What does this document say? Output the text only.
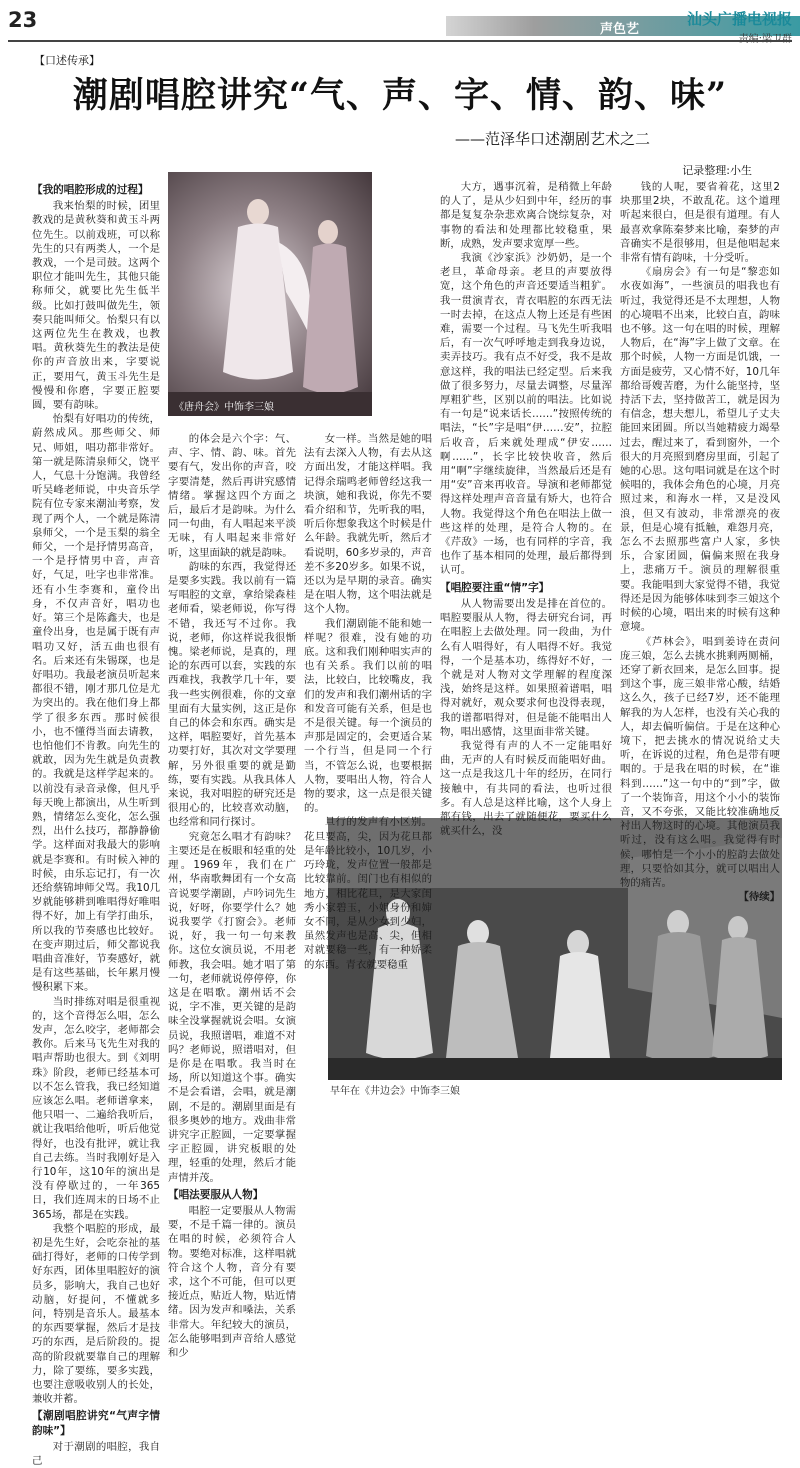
23	声色艺
汕头广播电视报
【口述传承】
潮剧唱腔讲究“气、声、字、情、韵、味”
——范泽华口述潮剧艺术之二
记录整理:小生
《唐舟会》中饰李三娘
早年在《井边会》中饰李三娘
【我的唱腔形成的过程】

我来怡梨的时候，团里教戏的是黄秋葵和黄玉斗两位先生。以前戏班，可以称先生的只有两类人，一个是教戏，一个是司鼓。这两个职位才能叫先生，其他只能称师父，就要比先生低半级。比如打鼓叫做先生，领奏只能叫师父。怡梨只有以这两位先生在教戏，也教唱。黄秋葵先生的教法是使你的声音放出来，字要说正，要用气，黄玉斗先生是慢慢和你磨，字要正腔要圆，要有韵味。

怡梨有好唱功的传统，蔚然成风。那些师父、师兄、师姐，唱功都非常好。第一就是陈清泉师父，饶平人，气息十分饱满。我曾经听吴峰老师说，中央音乐学院有位专家来潮汕考察，发现了两个人，一个就是陈清泉师父，一个是玉梨的翁全师父，一个是抒情男高音，一个是抒情男中音，声音好，气足，吐字也非常准。还有小生李赛和，童伶出身，不仅声音好，唱功也好。第三个是陈鑫夫，也是童伶出身，也是属于既有声唱功又好，活五曲也很有名。后来还有朱锡琛，也是好唱功。我最老演员听起来都很不错，刚才那几位是尤为突出的。我在他们身上都学了很多东西。那时候很小，也不懂得当面去请教，也怕他们不肯教。向先生的就敢，因为先生就是负责教的。我就是这样学起来的。以前没有录音录像，但凡乎每天晚上都演出，从生听到熟，情绪怎么变化，怎么强烈，出什么技巧，都静静偷学。这样面对我最大的影响就是李赛和。有时候入神的时候，由乐忘记打，有一次还给蔡锦坤师父骂。我10几岁就能够耕到唯唱得好唯唱得不好，加上有学打曲乐，所以我的节奏感也比较好。在变声期过后，师父都说我唱曲音准好，节奏感好，就是有这些基础，长年累月慢慢积累下来。

当时排练对唱是很重视的，这个音得怎么唱，怎么发声，怎么咬字，老师都会教你。后来马飞先生对我的唱声帮助也很大。到《刘明珠》阶段，老师已经基本可以不怎么管我，我已经知道应该怎么唱。老师谱拿来，他只唱一、二遍给我听后，就让我唱给他听，听后他觉得好，也没有批评，就让我自己去练。当时我刚好是入行10年，这10年的演出是没有停歇过的，一年365日，我们连周末的日场不止365场，都是在实践。

我整个唱腔的形成，最初是先生好，会吃奈祉的基础打得好，老师的口传学到好东西，团体里唱腔好的演员多，影响大，我自己也好动脑，好提问，不懂就多问，特别是音乐人。最基本的东西要掌握，然后才是技巧的东西，是后阶段的。提高的阶段就要靠自己的理解力，除了要练，要多实践，也要注意吸收别人的长处，兼收并蓄。

【潮剧唱腔讲究“气声字情韵味”】

对于潮剧的唱腔，我自己

的体会是六个字：气、声、字、情、韵、味。首先要有气，发出你的声音，咬字要清楚，然后再讲究感情情绪。掌握这四个方面之后，最后才是韵味。为什么同一句曲，有人唱起来平淡无味，有人唱起来非常好听，这里面缺的就是韵味。

韵味的东西，我觉得还是要多实践。我以前有一篇写唱腔的文章，拿给梁森桂老师看，梁老师说，你写得不错，我还写不过你。我说，老师，你这样说我很惭愧。梁老师说，是真的，理论的东西可以套，实践的东西难找，我教学几十年，要我一些实例很难，你的文章里面有大量实例，这正是你自己的体会和东西。确实是这样，唱腔要好，首先基本功要打好，其次对文学要理解，另外很重要的就是勤练，要有实践。从我具体人来说，我对唱腔的研究还是很用心的，比较喜欢动脑，也经常和同行探讨。

究竟怎么唱才有韵味？主要还是在板眼和轻重的处理。1969年，我们在广州，华南歌舞团有一个女高音说要学潮剧，卢吟词先生说，好呀，你要学什么？她说我要学《打窗会》。老师说，好，我一句一句来教你。这位女演员说，不用老师教，我会唱。她才唱了第一句，老师就说停停停，你这是在唱歌。潮州话不会说，字不准，更关键的是韵味全没掌握就说会唱。女演员说，我照谱唱，难道不对吗？老师说，照谱唱对，但是你是在唱歌。我当时在场，所以知道这个事。确实不是会看谱，会唱，就是潮剧，不是的。潮剧里面是有很多奥妙的地方。戏曲非常讲究字正腔圆，一定要掌握字正腔圆，讲究板眼的处理，轻重的处理，然后才能声情并茂。

【唱法要服从人物】

唱腔一定要服从人物需要，不是千篇一律的。演员在唱的时候，必须符合人物。要绝对标准，这样唱就符合这个人物，音分有要求，这个不可能，但可以更接近点，贴近人物，贴近情绪。因为发声和嗓法，关系非常大。年纪较大的演员，怎么能够唱到声音给人感觉和少

女一样。当然是她的唱法有去深入人物，有去从这方面出发，才能这样唱。我记得余瑞鸣老师曾经这我一块演，她和我说，你先不要看介绍和节，先听我的唱，听后你想象我这个时候是什么年龄。我就先听，然后才看说明，60多岁录的，声音差不多20岁多。如果不说，还以为是早期的录音。确实是在唱人物，这个唱法就是这个人物。

我们潮剧能不能和她一样呢？很难，没有她的功底。这和我们刚种唱实声的也有关系。我们以前的唱法，比较白，比较嘴皮，我们的发声和我们潮州话的字和发音可能有关系，但是也不是很关键。每一个演员的声那是固定的，会更适合某一个行当，但是同一个行当，不管怎么说，也要根据人物，要唱出人物，符合人物的要求，这一点是很关键的。

旦行的发声有小区别。花旦要高，尖，因为花旦都是年龄比较小，10几岁，小巧玲珑，发声位置一般都是比较靠前。闺门也有相似的地方，相比花旦，是大家闺秀小家碧玉，小姐身份和婶女不同，是从少女到少妇，虽然发声也是高、尖，但相对就要稳一些，有一种娇柔的东西。青衣就要稳重

大方，遇事沉着，是稍微上年龄的人了，是从少妇到中年，经历的事都是复复杂杂悲欢离合饶综复杂，对事物的看法和处理都比较稳重，果断，成熟，发声要求宽厚一些。

我演《沙家浜》沙奶奶，是一个老旦，革命母亲。老旦的声要放得宽，这个角色的声音还要适当粗犷。我一贯演青衣，青衣唱腔的东西无法一时去掉，在这点人物上还是有些困难，需要一个过程。马飞先生听我唱后，有一次气呼呼地走到我身边说，卖弄技巧。我有点不好受，我不是故意这样，我的唱法已经定型。后来我做了很多努力，尽量去调整，尽量浑厚粗犷些，区别以前的唱法。比如说有一句是“说来话长……”按照传统的唱法，“长”字是唱“伊……安”，拉腔后收音，后来就处理成“伊安……啊……”，长字比较快收音，然后用“啊”字继续旋律，当然最后还是有用“安”音来再收音。导演和老师都觉得这样处理声音音量有矫大，也符合人物。我觉得这个角色在唱法上做一些这样的处理，是符合人物的。在《芹敌》一场，也有同样的字音，我也作了基本相同的处理，最后都得到认可。

【唱腔要注重“情”字】

从人物需要出发是排在首位的。唱腔要服从人物，得去研究台词，再在唱腔上去做处理。同一段曲，为什么有人唱得好，有人唱得不好。我觉得，一个是基本功，练得好不好，一个就是对人物对文学理解的程度深浅，始终是这样。如果照着谱唱，唱得对就好，观众要求何也没得表现，我的谱都唱得对，但是能不能唱出人物，唱出感情，这里面非常关键。

我觉得有声的人不一定能唱好曲，无声的人有时候反而能唱好曲。这一点是我这几十年的经历，在同行接触中，有共同的看法，也听过很多。有人总是这样比喻，这个人身上都有钱，出去了就随便花，要买什么就买什么，没

钱的人呢，要省着花，这里2块那里2块，不敢乱花。这个道理听起来很白，但是很有道理。有人最喜欢拿陈秦梦来比喻，秦梦的声音确实不是很够用，但是他唱起来非常有情有韵味，十分受听。

《扇房会》有一句是“黎恋如水夜如海”，一些演员的唱我也有听过，我觉得还是不太理想，人物的心境唱不出来，比较白直，韵味也不够。这一句在唱的时候，理解人物后，在“海”字上做了文章。在那个时候，人物一方面是饥饿，一方面是疲劳，又心情不好，10几年都给哥嫂苦磨，为什么能坚持，坚持活下去，坚持做苦工，就是因为有信念，想夫想儿，希望儿子丈夫能回来团圆。所以当她精疲力竭晕过去，醒过来了，看到窗外，一个很大的月亮照到磨房里面，引起了她的心思。这句唱词就是在这个时候唱的，我体会角色的心境，月亮照过来，和海水一样，又是没风浪，但又有波动，非常漂亮的夜景，但是心境有抵触，难怨月亮，怎么不去照那些富户人家，多快乐，合家团圆，偏偏来照在我身上，悲痛万千。演员的理解很重要。我能唱到大家觉得不错，我觉得还是因为能够体味到李三娘这个时候的心境，唱出来的时候有这种意境。

《芦林会》，唱到姜诗在责问庞三娘，怎么去挑水挑剩两厕桶，还穿了新衣回来，是怎么回事。提到这个事，庞三娘非常心酸，结婚这么久，孩子已经7岁，还不能理解我的为人怎样，也没有关心我的人，却去偏听偏信。于是在这种心境下，把去挑水的情况说给丈夫听，在诉说的过程，角色是带有哽咽的。于是我在唱的时候，在“谁料到……”这一句中的“到”字，做了一个装饰音，用这个小小的装饰音，又不夸张，又能比较准确地反衬出人物这时的心境。其他演员我听过，没有这么唱。我觉得有时候，哪怕是一个小小的腔韵去做处理，只要恰如其分，就可以唱出人物的痛苦。

【待续】
